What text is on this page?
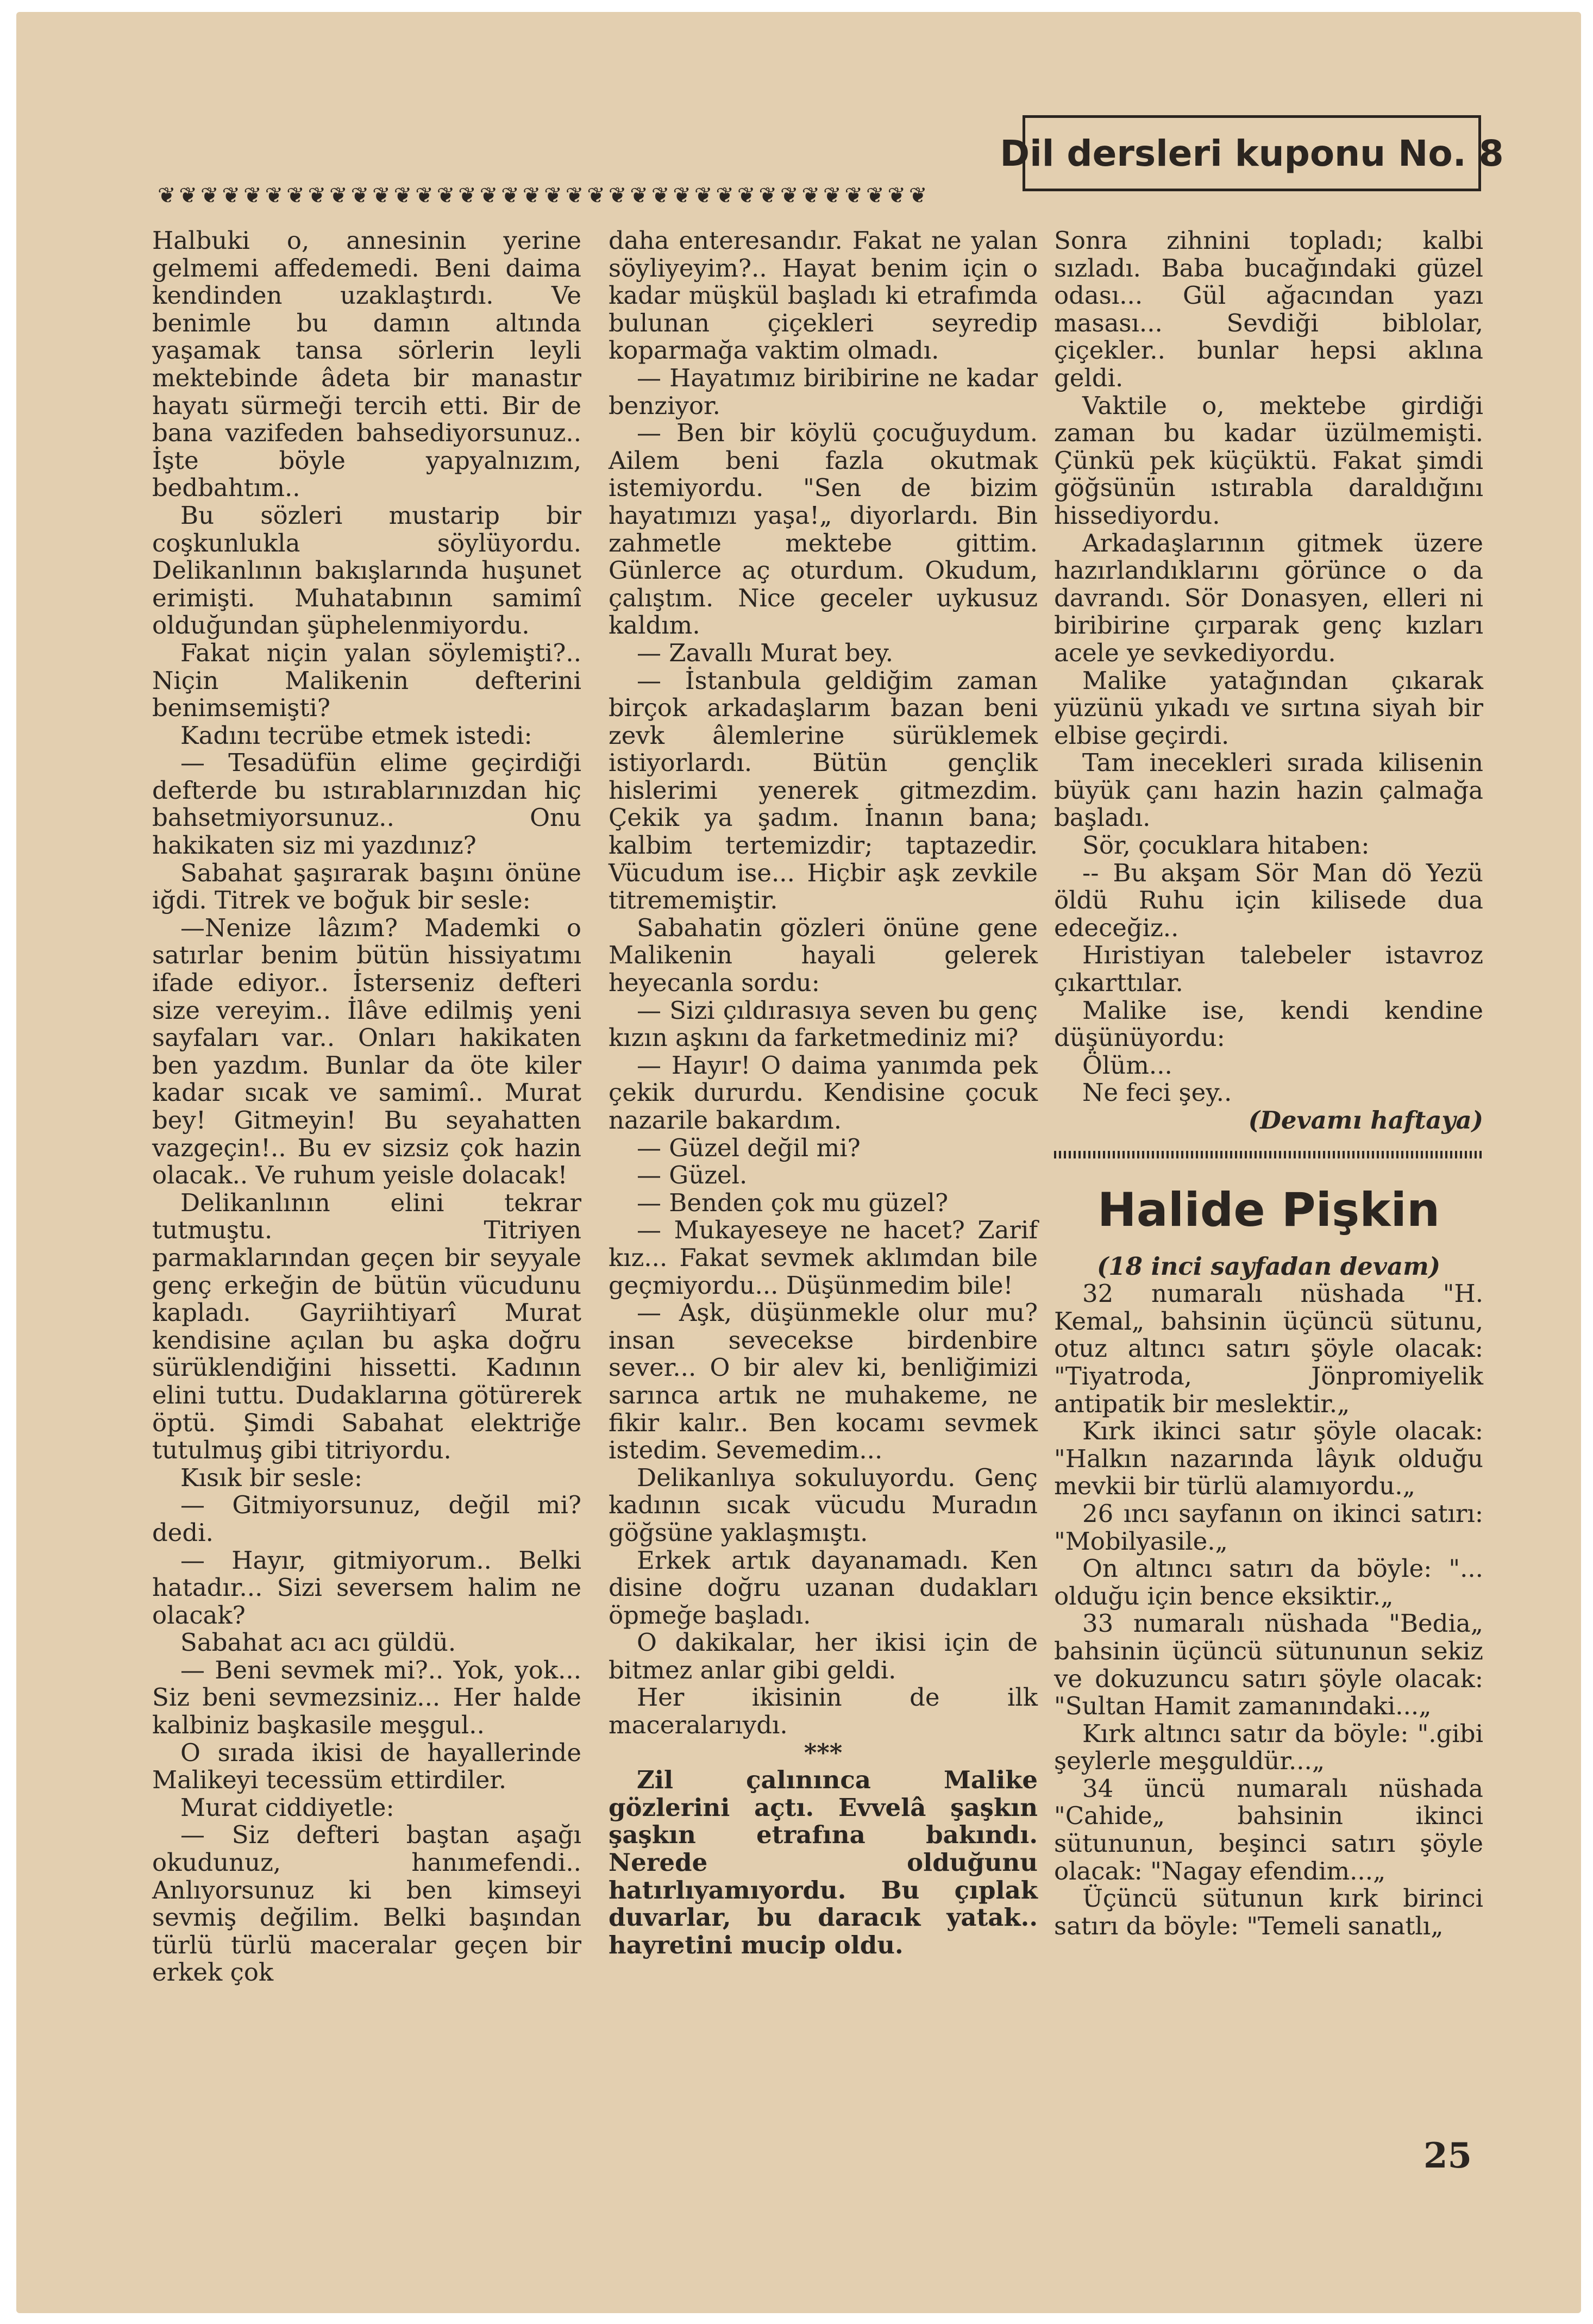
Dil dersleri kuponu No. 8
❦❦❦❦❦❦❦❦❦❦❦❦❦❦❦❦❦❦❦❦❦❦❦❦❦❦❦❦❦❦❦❦❦❦❦❦

Halbuki o, annesinin yerine gelmemi affedemedi. Beni daima kendinden uzaklaştırdı. Ve benimle bu damın altında yaşamak tansa sörlerin leyli mektebinde âdeta bir manastır hayatı sürmeği tercih etti. Bir de bana vazifeden bahsediyorsunuz.. İşte böyle yapyalnızım, bedbahtım..

Bu sözleri mustarip bir coşkunlukla söylüyordu. Delikanlının bakışlarında huşunet erimişti. Muhatabının samimî olduğundan şüphelenmiyordu.

Fakat niçin yalan söylemişti?.. Niçin Malikenin defterini benimsemişti?

Kadını tecrübe etmek istedi:

— Tesadüfün elime geçirdiği defterde bu ıstırablarınızdan hiç bahsetmiyorsunuz.. Onu hakikaten siz mi yazdınız?

Sabahat şaşırarak başını önüne iğdi. Titrek ve boğuk bir sesle:

—Nenize lâzım? Mademki o satırlar benim bütün hissiyatımı ifade ediyor.. İsterseniz defteri size vereyim.. İlâve edilmiş yeni sayfaları var.. Onları hakikaten ben yazdım. Bunlar da öte kiler kadar sıcak ve samimî.. Murat bey! Gitmeyin! Bu seyahatten vazgeçin!.. Bu ev sizsiz çok hazin olacak.. Ve ruhum yeisle dolacak!

Delikanlının elini tekrar tutmuştu. Titriyen parmaklarından geçen bir seyyale genç erkeğin de bütün vücudunu kapladı. Gayriihtiyarî Murat kendisine açılan bu aşka doğru sürüklendiğini hissetti. Kadının elini tuttu. Dudaklarına götürerek öptü. Şimdi Sabahat elektriğe tutulmuş gibi titriyordu.

Kısık bir sesle:

— Gitmiyorsunuz, değil mi? dedi.

— Hayır, gitmiyorum.. Belki hatadır... Sizi seversem halim ne olacak?

Sabahat acı acı güldü.

— Beni sevmek mi?.. Yok, yok... Siz beni sevmezsiniz... Her halde kalbiniz başkasile meşgul..

O sırada ikisi de hayallerinde Malikeyi tecessüm ettirdiler.

Murat ciddiyetle:

— Siz defteri baştan aşağı okudunuz, hanımefendi.. Anlıyorsunuz ki ben kimseyi sevmiş değilim. Belki başından türlü türlü maceralar geçen bir erkek çok

daha enteresandır. Fakat ne yalan söyliyeyim?.. Hayat benim için o kadar müşkül başladı ki etrafımda bulunan çiçekleri seyredip koparmağa vaktim olmadı.

— Hayatımız biribirine ne kadar benziyor.

— Ben bir köylü çocuğuydum. Ailem beni fazla okutmak istemiyordu. "Sen de bizim hayatımızı yaşa!„ diyorlardı. Bin zahmetle mektebe gittim. Günlerce aç oturdum. Okudum, çalıştım. Nice geceler uykusuz kaldım.

— Zavallı Murat bey.

— İstanbula geldiğim zaman birçok arkadaşlarım bazan beni zevk âlemlerine sürüklemek istiyorlardı. Bütün gençlik hislerimi yenerek gitmezdim. Çekik ya şadım. İnanın bana; kalbim tertemizdir; taptazedir. Vücudum ise... Hiçbir aşk zevkile titrememiştir.

Sabahatin gözleri önüne gene Malikenin hayali gelerek heyecanla sordu:

— Sizi çıldırasıya seven bu genç kızın aşkını da farketmediniz mi?

— Hayır! O daima yanımda pek çekik dururdu. Kendisine çocuk nazarile bakardım.

— Güzel değil mi?

— Güzel.

— Benden çok mu güzel?

— Mukayeseye ne hacet? Zarif kız... Fakat sevmek aklımdan bile geçmiyordu... Düşünmedim bile!

— Aşk, düşünmekle olur mu? insan sevecekse birdenbire sever... O bir alev ki, benliğimizi sarınca artık ne muhakeme, ne fikir kalır.. Ben kocamı sevmek istedim. Sevemedim...

Delikanlıya sokuluyordu. Genç kadının sıcak vücudu Muradın göğsüne yaklaşmıştı.

Erkek artık dayanamadı. Ken disine doğru uzanan dudakları öpmeğe başladı.

O dakikalar, her ikisi için de bitmez anlar gibi geldi.

Her ikisinin de ilk maceralarıydı.

***

Zil çalınınca Malike gözlerini açtı. Evvelâ şaşkın şaşkın etrafına bakındı. Nerede olduğunu hatırlıyamıyordu. Bu çıplak duvarlar, bu daracık yatak.. hayretini mucip oldu.

Sonra zihnini topladı; kalbi sızladı. Baba bucağındaki güzel odası... Gül ağacından yazı masası... Sevdiği biblolar, çiçekler.. bunlar hepsi aklına geldi.

Vaktile o, mektebe girdiği zaman bu kadar üzülmemişti. Çünkü pek küçüktü. Fakat şimdi göğsünün ıstırabla daraldığını hissediyordu.

Arkadaşlarının gitmek üzere hazırlandıklarını görünce o da davrandı. Sör Donasyen, elleri ni biribirine çırparak genç kızları acele ye sevkediyordu.

Malike yatağından çıkarak yüzünü yıkadı ve sırtına siyah bir elbise geçirdi.

Tam inecekleri sırada kilisenin büyük çanı hazin hazin çalmağa başladı.

Sör, çocuklara hitaben:

-- Bu akşam Sör Man dö Yezü öldü Ruhu için kilisede dua edeceğiz..

Hıristiyan talebeler istavroz çıkarttılar.

Malike ise, kendi kendine düşünüyordu:

Ölüm...

Ne feci şey..

(Devamı haftaya)

Halide Pişkin

(18 inci sayfadan devam)

32 numaralı nüshada "H. Kemal„ bahsinin üçüncü sütunu, otuz altıncı satırı şöyle olacak: "Tiyatroda, Jönpromiyelik antipatik bir meslektir.„

Kırk ikinci satır şöyle olacak: "Halkın nazarında lâyık olduğu mevkii bir türlü alamıyordu.„

26 ıncı sayfanın on ikinci satırı: "Mobilyasile.„

On altıncı satırı da böyle: "... olduğu için bence eksiktir.„

33 numaralı nüshada "Bedia„ bahsinin üçüncü sütununun sekiz ve dokuzuncu satırı şöyle olacak: "Sultan Hamit zamanındaki...„

Kırk altıncı satır da böyle: ".gibi şeylerle meşguldür...„

34 üncü numaralı nüshada "Cahide„ bahsinin ikinci sütununun, beşinci satırı şöyle olacak: "Nagay efendim...„

Üçüncü sütunun kırk birinci satırı da böyle: "Temeli sanatlı„

25
